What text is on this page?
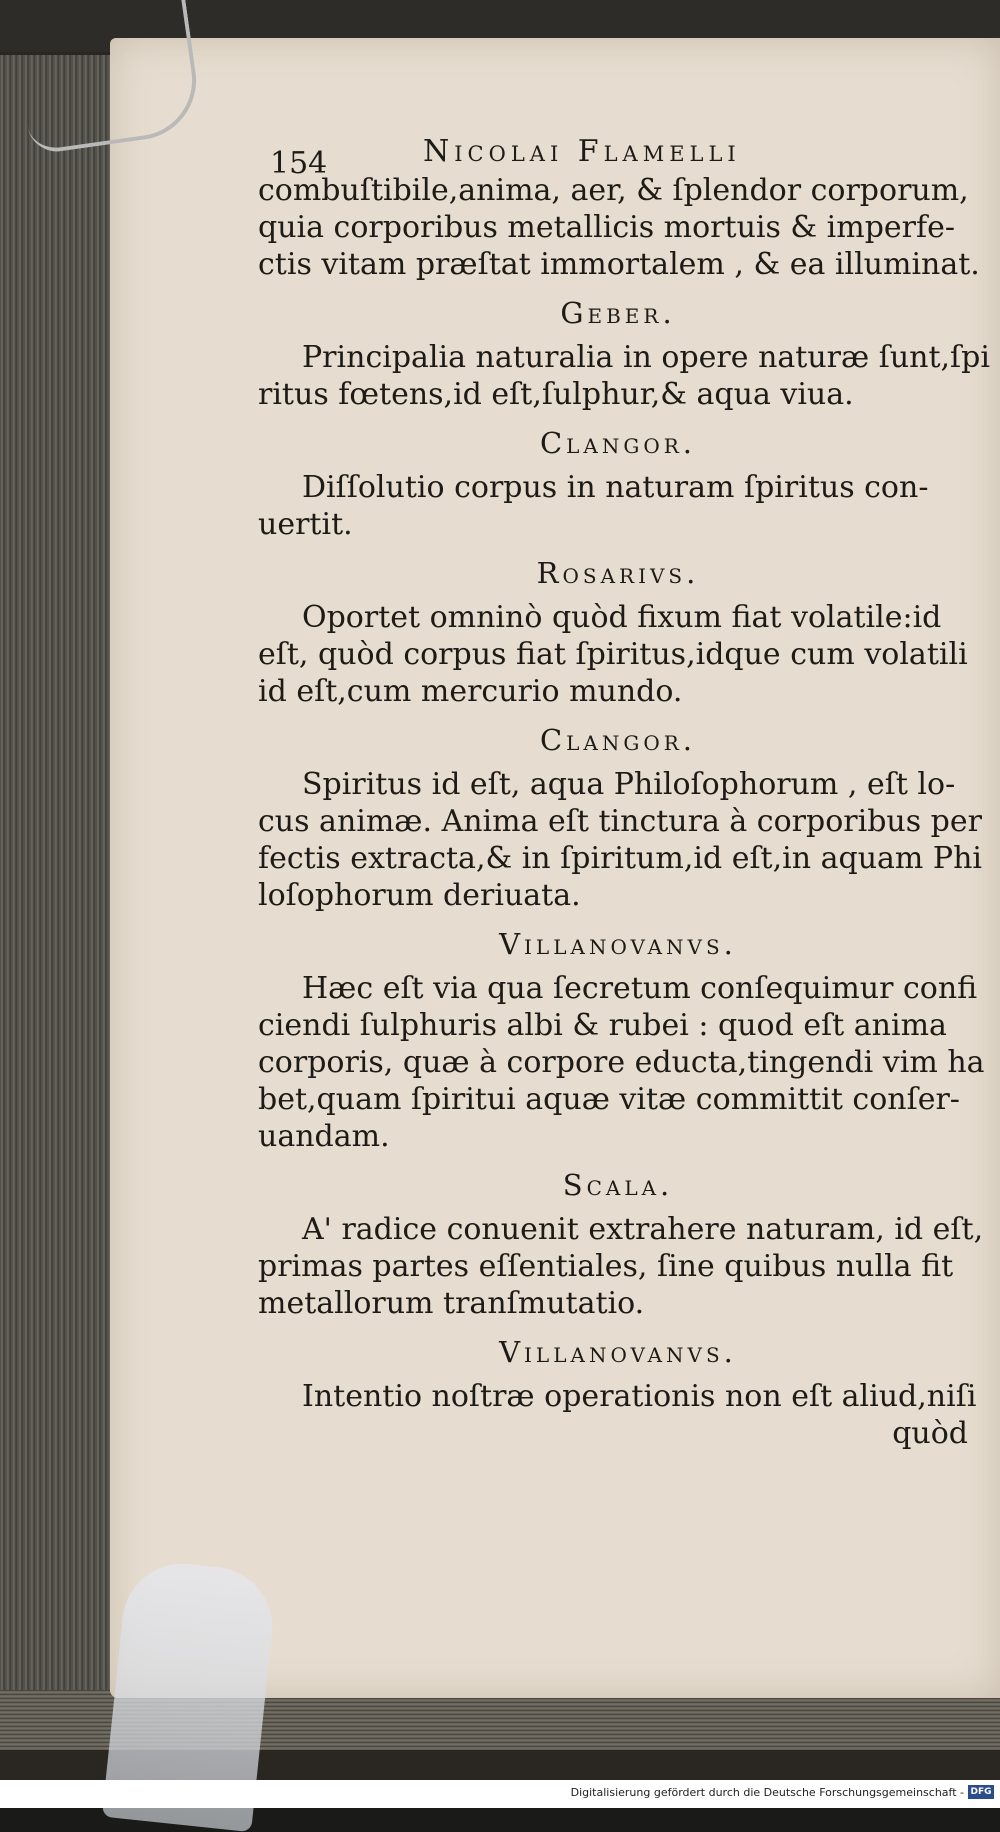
154	Nicolai Flamelli

combuſtibile,anima, aer, & ſplendor corporum,

quia corporibus metallicis mortuis & imperfe-

ctis vitam præſtat immortalem , & ea illuminat.

Geber.

Principalia naturalia in opere naturæ ſunt,ſpi

ritus fœtens,id eſt,ſulphur,& aqua viua.

Clangor.

Diſſolutio corpus in naturam ſpiritus con-

uertit.

Rosarivs.

Oportet omninò quòd fixum fiat volatile:id

eſt, quòd corpus fiat ſpiritus,idque cum volatili

id eſt,cum mercurio mundo.

Clangor.

Spiritus id eſt, aqua Philoſophorum , eſt lo-

cus animæ. Anima eſt tinctura à corporibus per

fectis extracta,& in ſpiritum,id eſt,in aquam Phi

loſophorum deriuata.

Villanovanvs.

Hæc eſt via qua ſecretum conſequimur confi

ciendi ſulphuris albi & rubei : quod eſt anima

corporis, quæ à corpore educta,tingendi vim ha

bet,quam ſpiritui aquæ vitæ committit conſer-

uandam.

Scala.

A' radice conuenit extrahere naturam, id eſt,

primas partes eſſentiales, ſine quibus nulla fit

metallorum tranſmutatio.

Villanovanvs.

Intentio noſtræ operationis non eſt aliud,niſi

quòd

Digitalisierung gefördert durch die Deutsche Forschungsgemeinschaft - DFG
